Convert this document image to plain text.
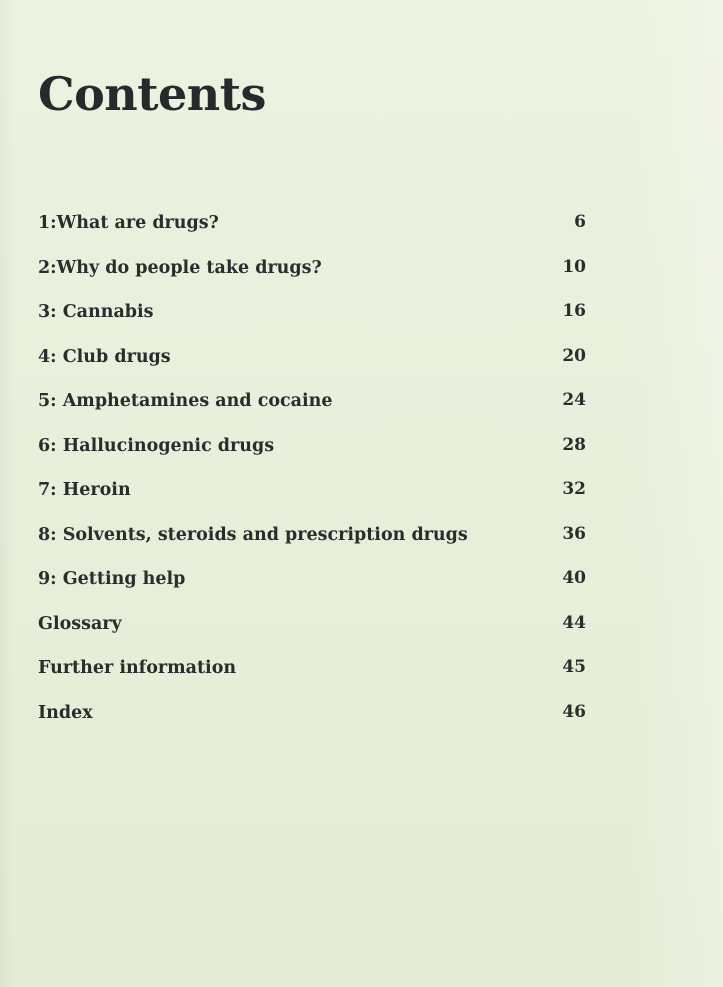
Contents
1:What are drugs?	6
2:Why do people take drugs?	10
3: Cannabis	16
4: Club drugs	20
5: Amphetamines and cocaine	24
6: Hallucinogenic drugs	28
7: Heroin	32
8: Solvents, steroids and prescription drugs	36
9: Getting help	40
Glossary	44
Further information	45
Index	46
